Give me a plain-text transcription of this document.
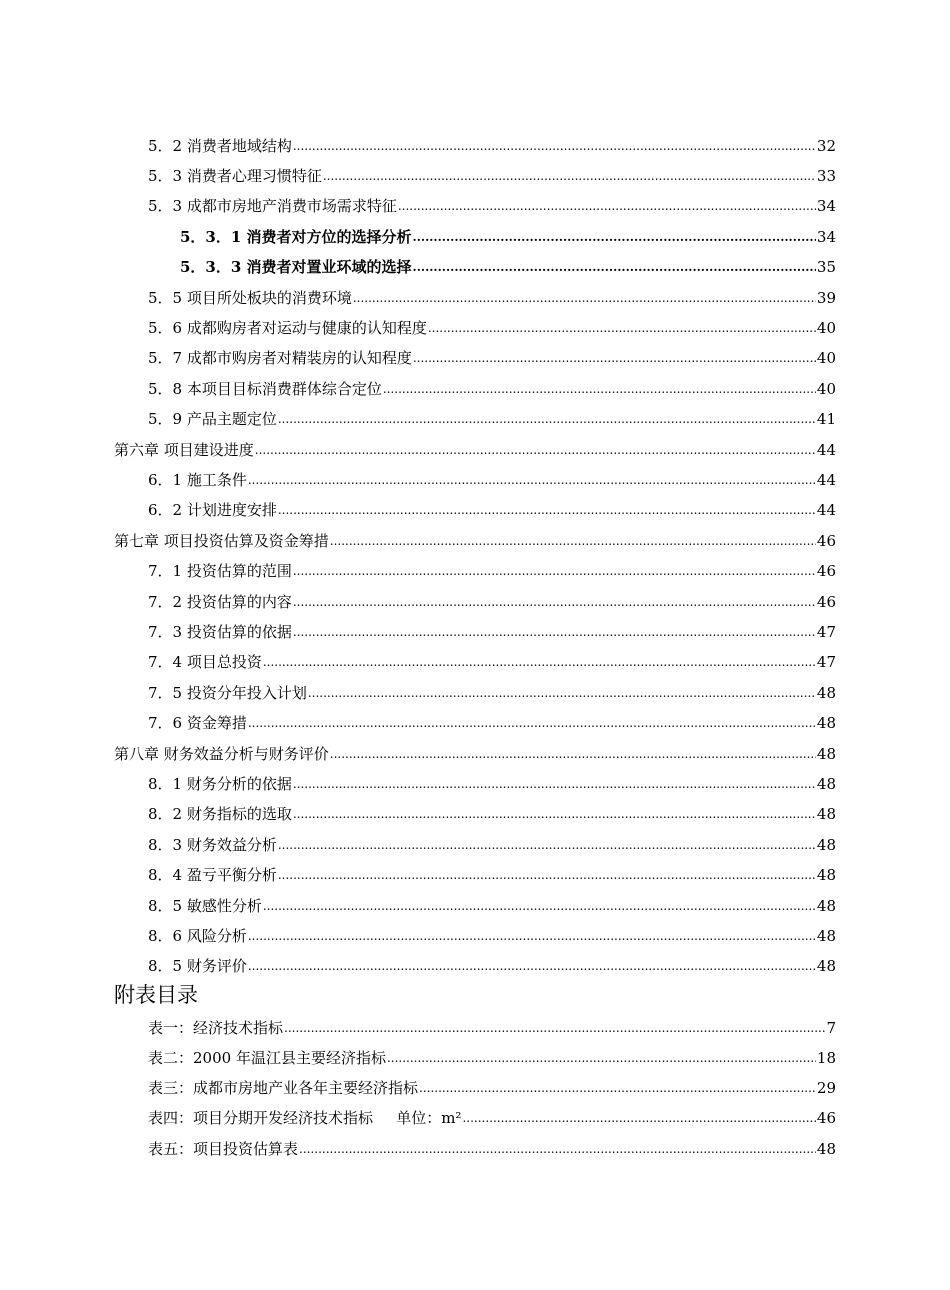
5．2 消费者地域结构 .....	32
5．3 消费者心理习惯特征 .....	33
5．3 成都市房地产消费市场需求特征 .....	34
5．3．1 消费者对方位的选择分析 .....	34
5．3．3 消费者对置业环域的选择 .....	35
5．5 项目所处板块的消费环境 .....	39
5．6 成都购房者对运动与健康的认知程度 .....	40
5．7 成都市购房者对精装房的认知程度 .....	40
5．8 本项目目标消费群体综合定位 .....	40
5．9 产品主题定位 .....	41
第六章 项目建设进度 .....	44
6．1 施工条件 .....	44
6．2 计划进度安排 .....	44
第七章 项目投资估算及资金筹措 .....	46
7．1 投资估算的范围 .....	46
7．2 投资估算的内容 .....	46
7．3 投资估算的依据 .....	47
7．4 项目总投资 .....	47
7．5 投资分年投入计划 .....	48
7．6 资金筹措 .....	48
第八章 财务效益分析与财务评价 .....	48
8．1 财务分析的依据 .....	48
8．2 财务指标的选取 .....	48
8．3 财务效益分析 .....	48
8．4 盈亏平衡分析 .....	48
8．5 敏感性分析 .....	48
8．6 风险分析 .....	48
8．5 财务评价 .....	48
附表目录
表一：经济技术指标 .....	7
表二：2000 年温江县主要经济指标 .....	18
表三：成都市房地产业各年主要经济指标 .....	29
表四：项目分期开发经济技术指标 单位：m² .....	46
表五：项目投资估算表 .....	48
